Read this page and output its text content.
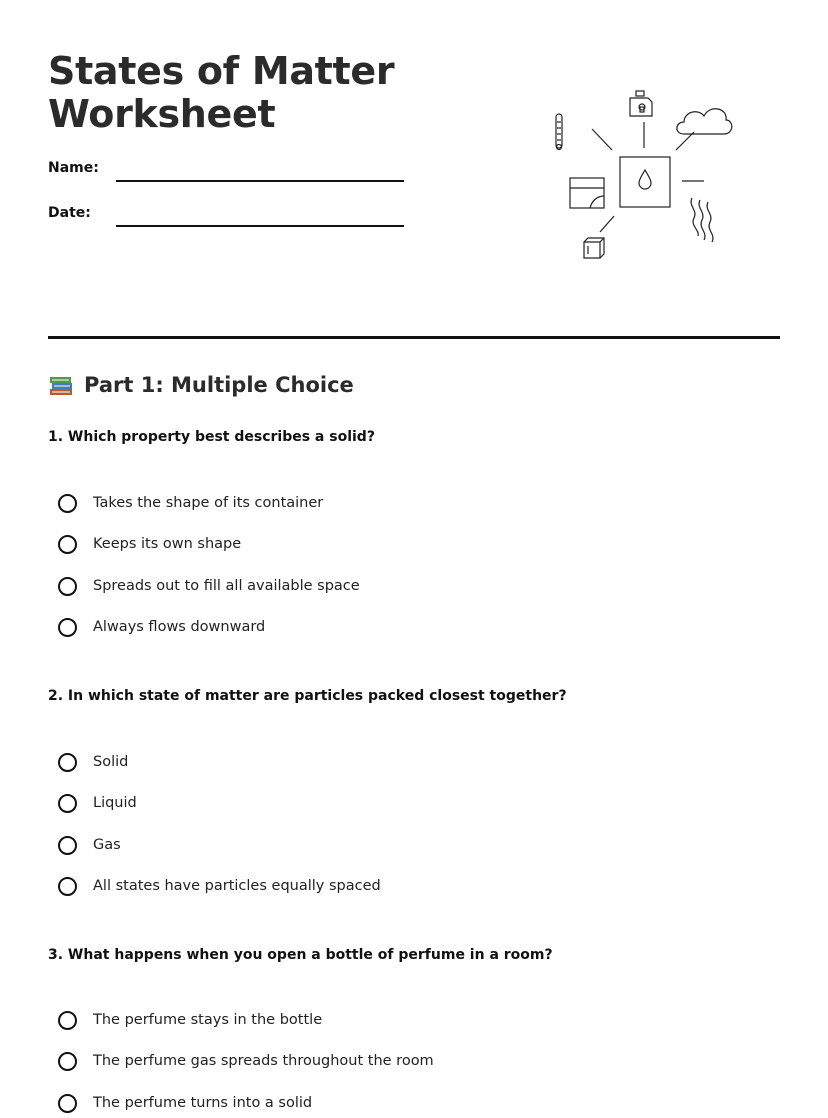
States of Matter Worksheet
Name:
Date:
Part 1: Multiple Choice
1. Which property best describes a solid?
Takes the shape of its container
Keeps its own shape
Spreads out to fill all available space
Always flows downward
2. In which state of matter are particles packed closest together?
Solid
Liquid
Gas
All states have particles equally spaced
3. What happens when you open a bottle of perfume in a room?
The perfume stays in the bottle
The perfume gas spreads throughout the room
The perfume turns into a solid
